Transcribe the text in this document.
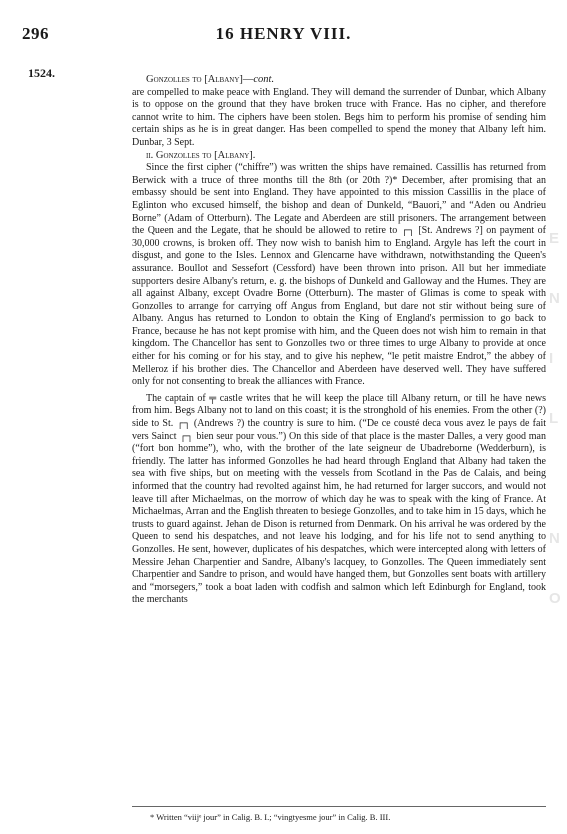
296	16 HENRY VIII.
1524.
E
N
I
L
N
O

Gonzolles to [Albany]—cont.

are compelled to make peace with England. They will demand the surrender of Dunbar, which Albany is to oppose on the ground that they have broken truce with France. Has no cipher, and therefore cannot write to him. The ciphers have been stolen. Begs him to perform his promise of sending him certain ships as he is in great danger. Has been compelled to spend the money that Albany left him. Dunbar, 3 Sept.

ii. Gonzolles to [Albany].

Since the first cipher (“chiffre”) was written the ships have remained. Cassillis has returned from Berwick with a truce of three months till the 8th (or 20th ?)* December, after promising that an embassy should be sent into England. They have appointed to this mission Cassillis in the place of Eglinton who excused himself, the bishop and dean of Dunkeld, “Bauori,” and “Aden ou Andrieu Borne” (Adam of Otterburn). The Legate and Aberdeen are still prisoners. The arrangement between the Queen and the Legate, that he should be allowed to retire to ┌┐ [St. Andrews ?] on payment of 30,000 crowns, is broken off. They now wish to banish him to England. Argyle has left the court in disgust, and gone to the Isles. Lennox and Glencarne have withdrawn, notwithstanding the Queen's assurance. Boullot and Sessefort (Cessford) have been thrown into prison. All but her immediate supporters desire Albany's return, e. g. the bishops of Dunkeld and Galloway and the Humes. They are all against Albany, except Ovadre Borne (Otterburn). The master of Glimas is come to speak with Gonzolles to arrange for carrying off Angus from England, but dare not stir without being sure of Albany. Angus has returned to London to obtain the King of England's permission to go back to France, because he has not kept promise with him, and the Queen does not wish him to remain in that kingdom. The Chancellor has sent to Gonzolles two or three times to urge Albany to provide at once either for his coming or for his stay, and to give his nephew, “le petit maistre Endrot,” the abbey of Melleroz if his brother dies. The Chancellor and Aberdeen have deserved well. They have suffered only for not consenting to break the alliances with France.

The captain of ╤ castle writes that he will keep the place till Albany return, or till he have news from him. Begs Albany not to land on this coast; it is the stronghold of his enemies. From the other (?) side to St. ┌┐ (Andrews ?) the country is sure to him. (“De ce cousté deca vous avez le pays de fait vers Sainct ┌┐ bien seur pour vous.”) On this side of that place is the master Dalles, a very good man (“fort bon homme”), who, with the brother of the late seigneur de Ubadreborne (Wedderburn), is friendly. The latter has informed Gonzolles he had heard through England that Albany had taken the sea with five ships, but on meeting with the vessels from Scotland in the Pas de Calais, and being informed that the country had revolted against him, he had returned for larger succors, and would not leave till after Michaelmas, on the morrow of which day he was to speak with the king of France. At Michaelmas, Arran and the English threaten to besiege Gonzolles, and to take him in 15 days, which he trusts to guard against. Jehan de Dison is returned from Denmark. On his arrival he was ordered by the Queen to send his despatches, and not leave his lodging, and for his life not to send anything to Gonzolles. He sent, however, duplicates of his despatches, which were intercepted along with letters of Messire Jehan Charpentier and Sandre, Albany's lacquey, to Gonzolles. The Queen immediately sent Charpentier and Sandre to prison, and would have hanged them, but Gonzolles sent boats with artillery and “morsegers,” took a boat laden with codfish and salmon which left Edinburgh for England, took the merchants

* Written “viijᵉ jour” in Calig. B. I.; “vingtyesme jour” in Calig. B. III.
